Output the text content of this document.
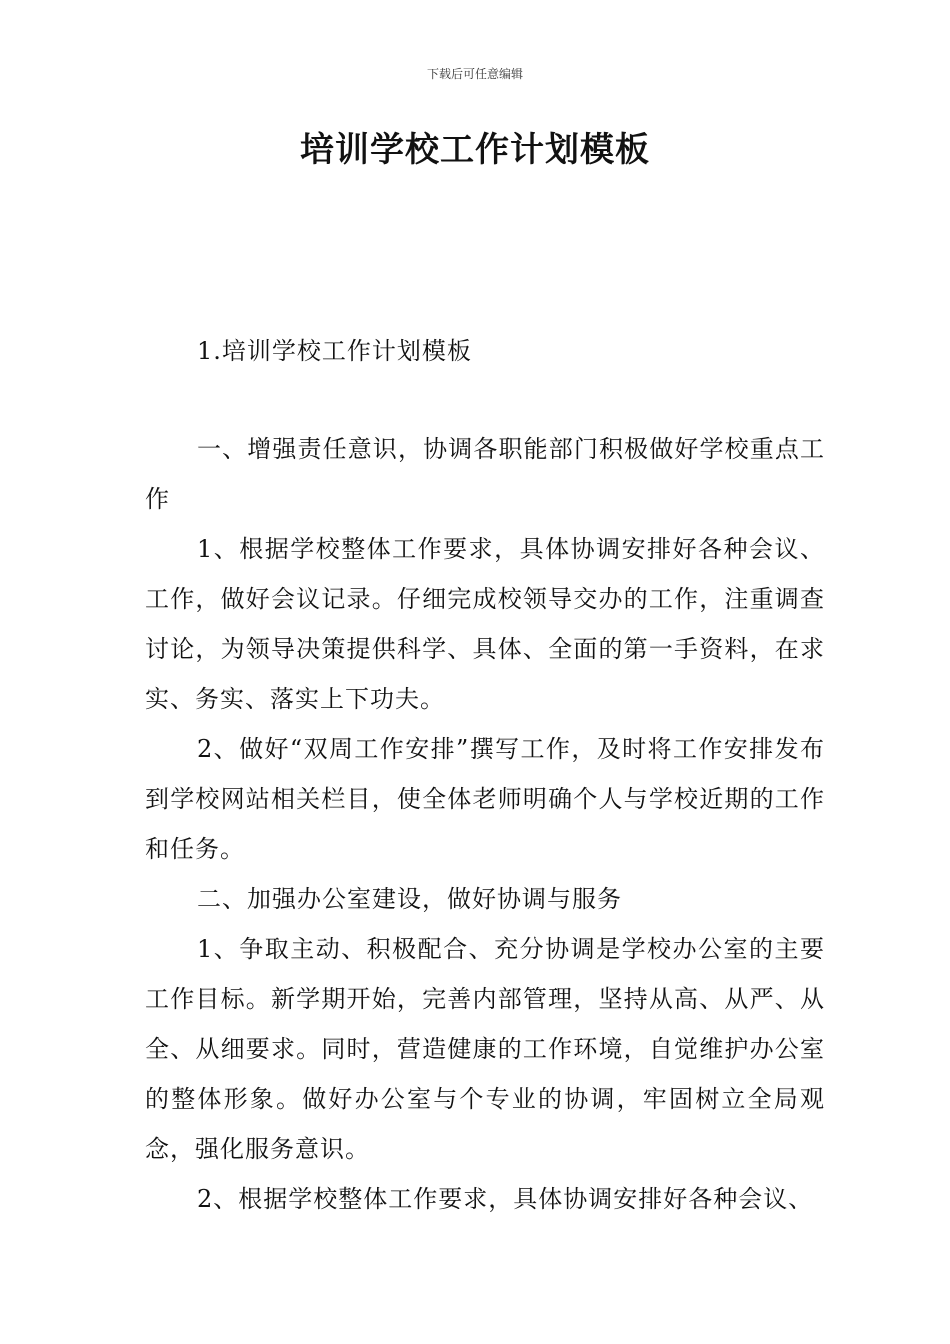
下载后可任意编辑
培训学校工作计划模板
1.培训学校工作计划模板

一、增强责任意识，协调各职能部门积极做好学校重点工作

1、根据学校整体工作要求，具体协调安排好各种会议、工作，做好会议记录。仔细完成校领导交办的工作，注重调查讨论，为领导决策提供科学、具体、全面的第一手资料，在求实、务实、落实上下功夫。

2、做好“双周工作安排”撰写工作，及时将工作安排发布到学校网站相关栏目，使全体老师明确个人与学校近期的工作和任务。

二、加强办公室建设，做好协调与服务

1、争取主动、积极配合、充分协调是学校办公室的主要工作目标。新学期开始，完善内部管理，坚持从高、从严、从全、从细要求。同时，营造健康的工作环境，自觉维护办公室的整体形象。做好办公室与个专业的协调，牢固树立全局观念，强化服务意识。

2、根据学校整体工作要求，具体协调安排好各种会议、
